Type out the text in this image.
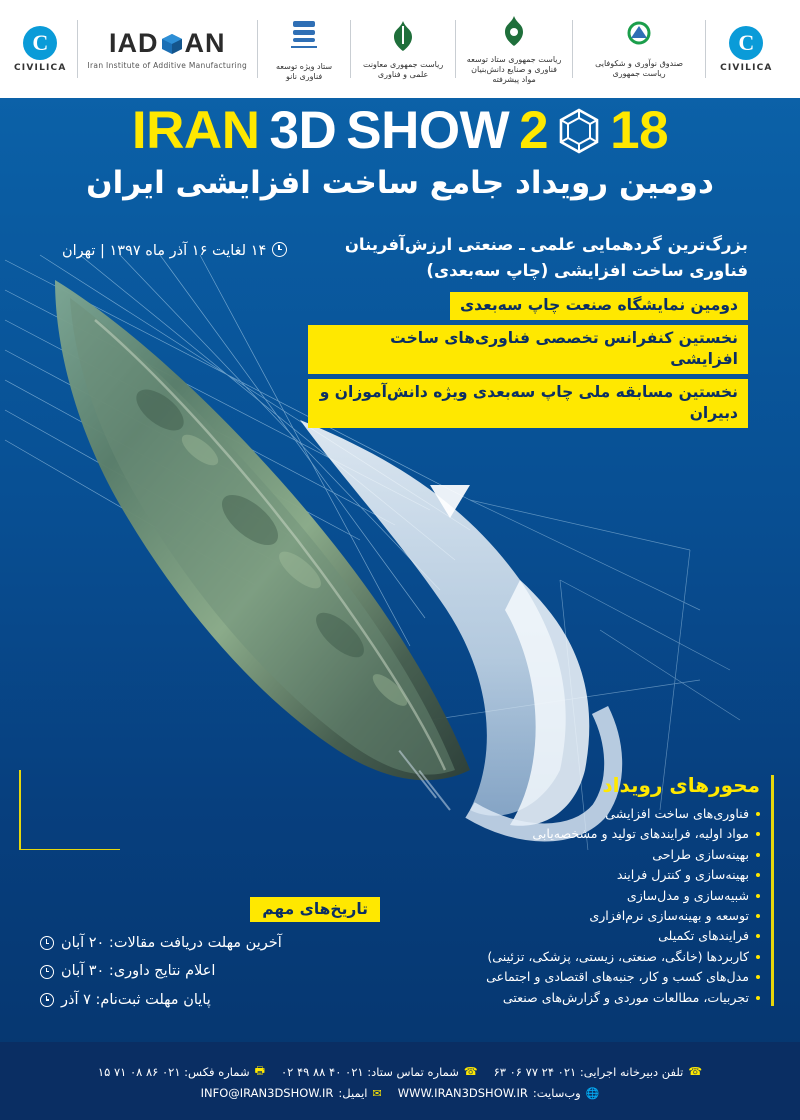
C
CIVILICA
IAD AN
Iran Institute of Additive Manufacturing	ستاد ویژه توسعه فناوری نانو
ریاست جمهوری معاونت علمی و فناوری
ریاست جمهوری ستاد توسعه فناوری و صنایع دانش‌بنیان مواد پیشرفته
صندوق نوآوری و شکوفایی ریاست جمهوری
C
CIVILICA
IRAN 3D SHOW 2 18
دومین رویداد جامع ساخت افزایشی ایران
۱۴ لغایت ۱۶ آذر ماه ۱۳۹۷ | تهران	بزرگ‌ترین گردهمایی علمی ـ صنعتی ارزش‌آفرینان
فناوری ساخت افزایشی (چاپ سه‌بعدی)
دومین نمایشگاه صنعت چاپ سه‌بعدی
نخستین کنفرانس تخصصی فناوری‌های ساخت افزایشی
نخستین مسابقه ملی چاپ سه‌بعدی ویژه دانش‌آموزان و دبیران
محورهای رویداد
فناوری‌های ساخت افزایشی
مواد اولیه، فرایندهای تولید و مشخصه‌یابی
بهینه‌سازی طراحی
بهینه‌سازی و کنترل فرایند
شبیه‌سازی و مدل‌سازی
توسعه و بهینه‌سازی نرم‌افزاری
فرایندهای تکمیلی
کاربردها (خانگی، صنعتی، زیستی، پزشکی، تزئینی)
مدل‌های کسب و کار، جنبه‌های اقتصادی و اجتماعی
تجربیات، مطالعات موردی و گزارش‌های صنعتی
تاریخ‌های مهم
آخرین مهلت دریافت مقالات: ۲۰ آبان
اعلام نتایج داوری: ۳۰ آبان
پایان مهلت ثبت‌نام: ۷ آذر
☎
تلفن دبیرخانه اجرایی: ۰۲۱ ۲۴ ۷۷ ۰۶ ۶۳
☎
شماره تماس ستاد: ۰۲۱ ۴۰ ۸۸ ۴۹ ۰۲
🖶
شماره فکس: ۰۲۱ ۸۶ ۰۸ ۷۱ ۱۵
🌐
وب‌سایت:
WWW.IRAN3DSHOW.IR
✉
ایمیل:
INFO@IRAN3DSHOW.IR
